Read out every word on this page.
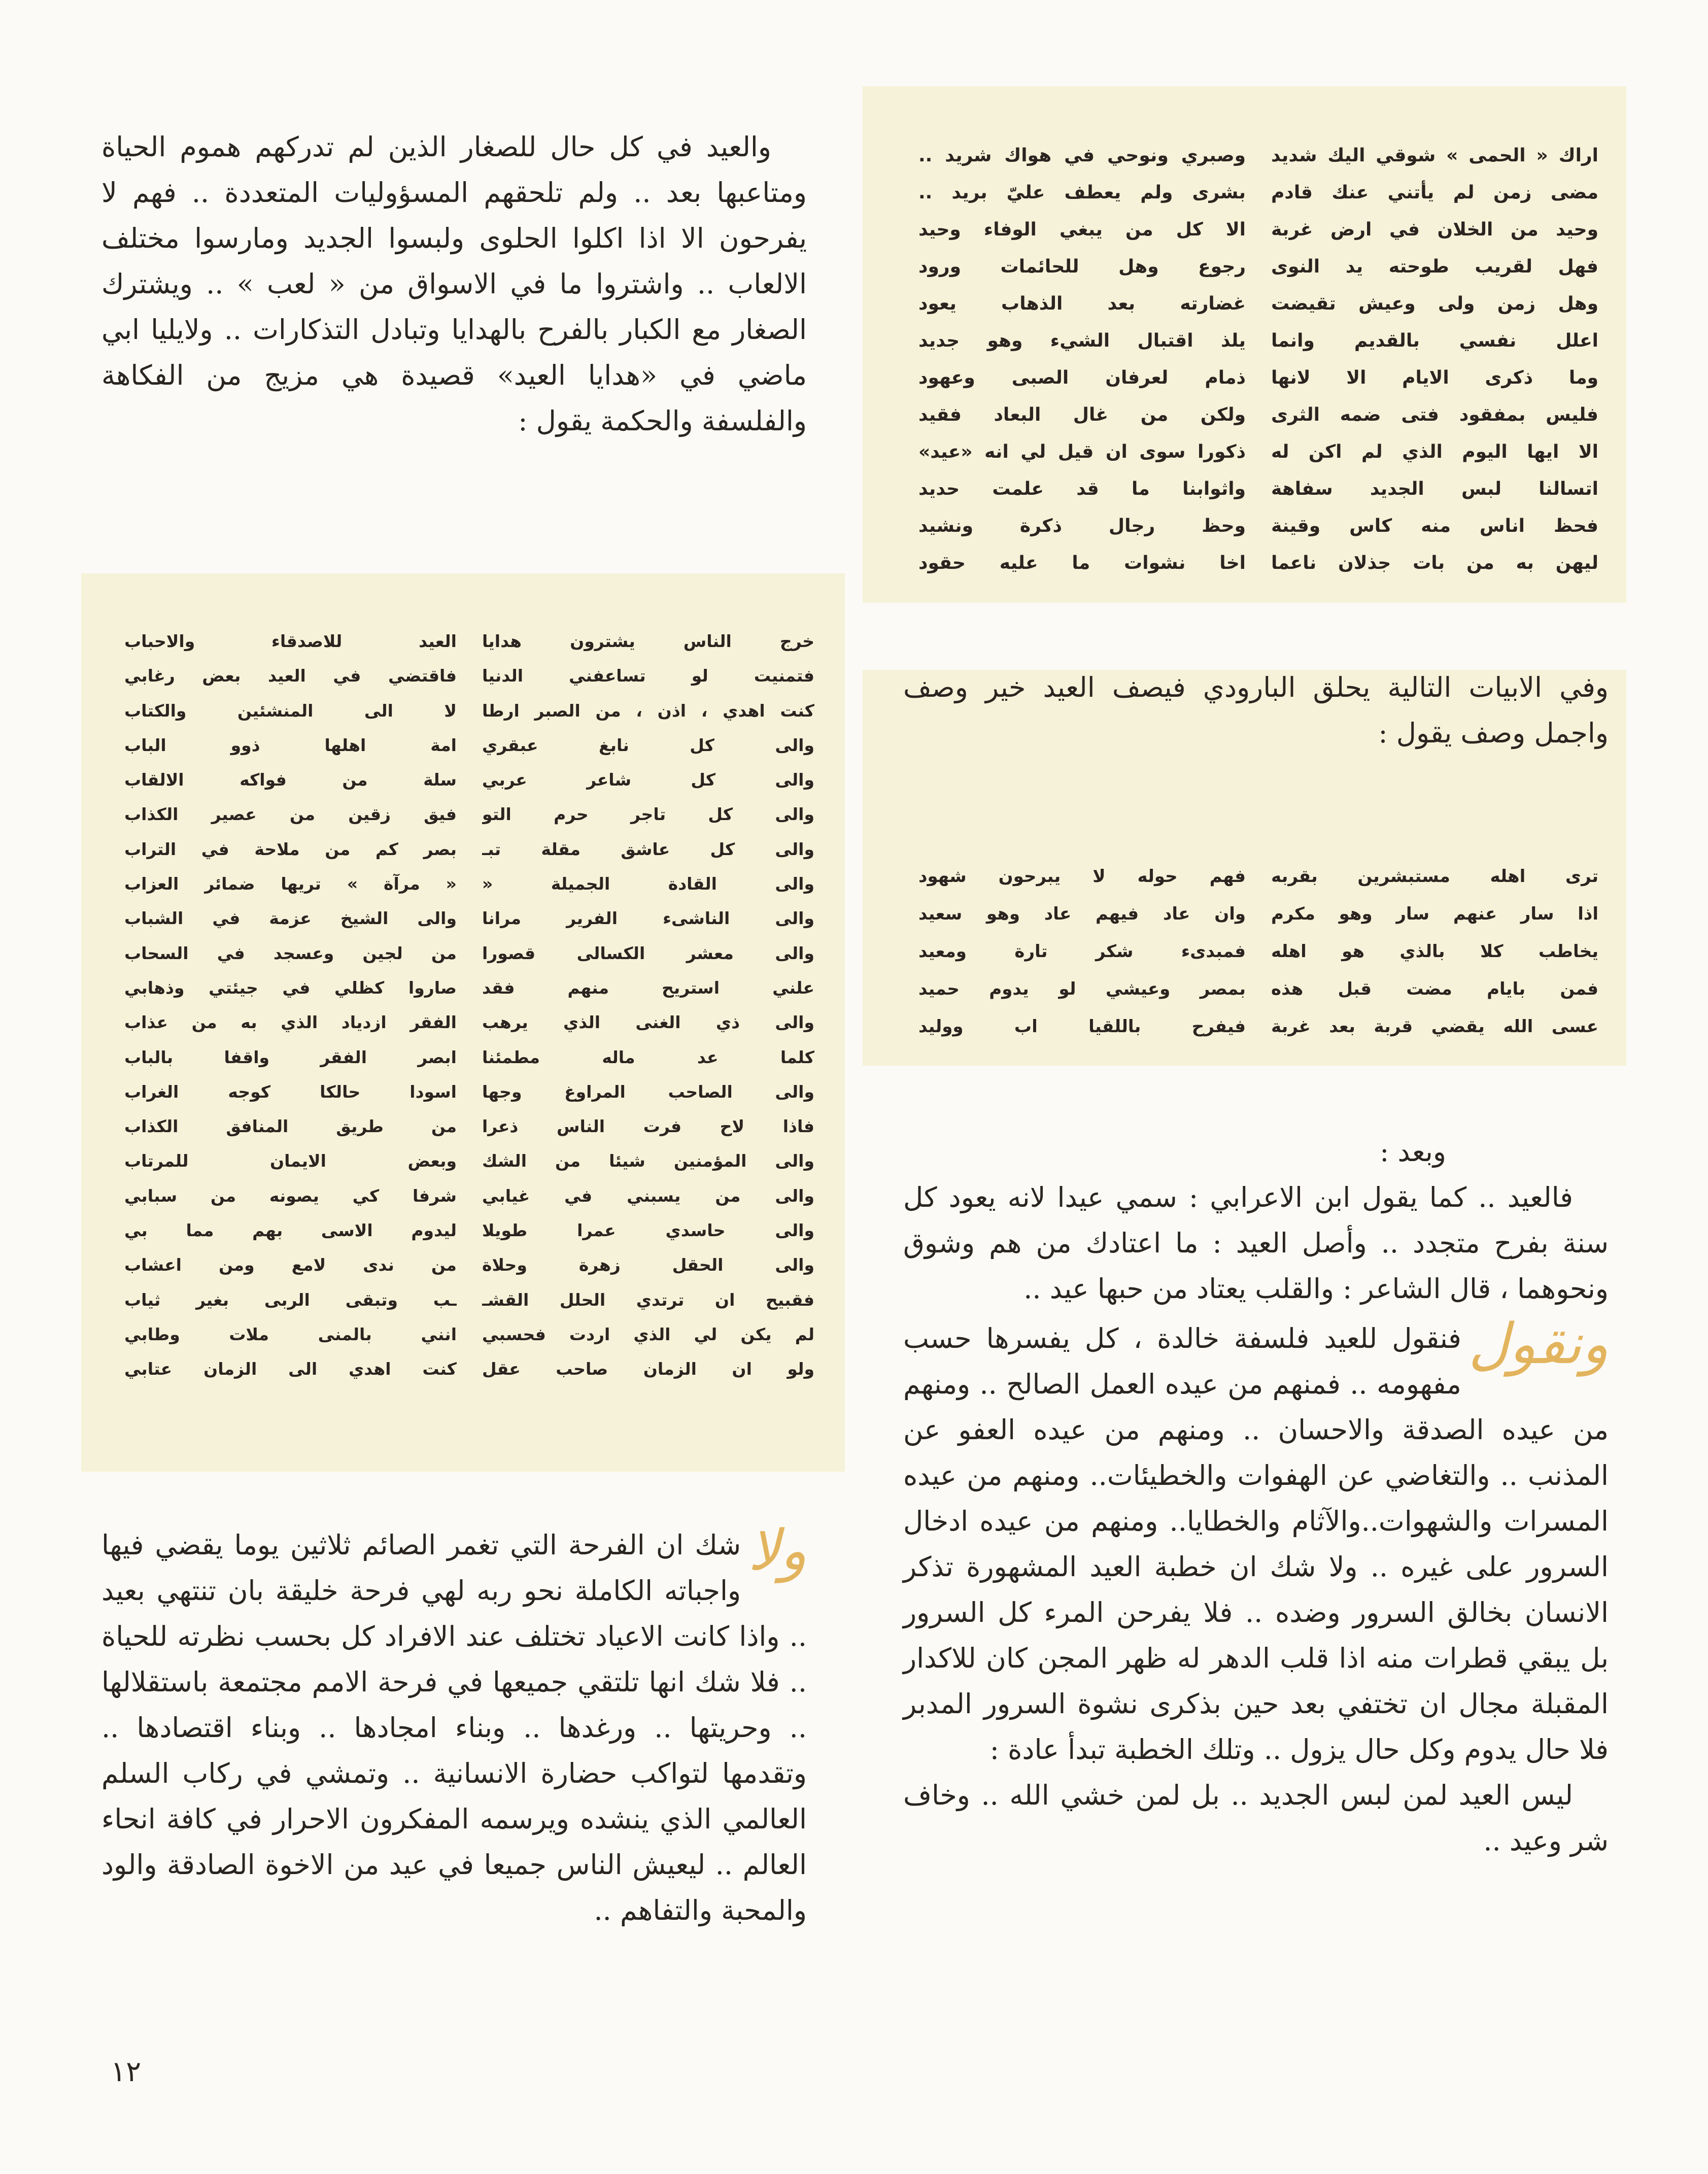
اراك « الحمى » شوقي اليك شديد
مضى زمن لم يأتني عنك قادم
وحيد من الخلان في ارض غربة
فهل لقريب طوحته يد النوى
وهل زمن ولى وعيش تقيضت
اعلل نفسي بالقديم وانما
وما ذكرى الايام الا لانها
فليس بمفقود فتى ضمه الثرى
الا ايها اليوم الذي لم اكن له
اتسالنا لبس الجديد سفاهة
فحظ اناس منه كاس وقينة
ليهن به من بات جذلان ناعما
وصبري ونوحي في هواك شريد ..
بشرى ولم يعطف عليّ بريد ..
الا كل من يبغي الوفاء وحيد
رجوع وهل للحائمات ورود
غضارته بعد الذهاب يعود
يلذ اقتبال الشيء وهو جديد
ذمام لعرفان الصبى وعهود
ولكن من غال البعاد فقيد
ذكورا سوى ان قيل لي انه «عيد»
واثوابنا ما قد علمت حديد
وحظ رجال ذكرة ونشيد
اخا نشوات ما عليه حقود

وفي الابيات التالية يحلق البارودي فيصف العيد خير وصف واجمل وصف يقول :

ترى اهله مستبشرين بقربه
اذا سار عنهم سار وهو مكرم
يخاطب كلا بالذي هو اهله
فمن بايام مضت قبل هذه
عسى الله يقضي قربة بعد غربة
فهم حوله لا يبرحون شهود
وان عاد فيهم عاد وهو سعيد
فمبدىء شكر تارة ومعيد
بمصر وعيشي لو يدوم حميد
فيفرح باللقيا اب ووليد

وبعد :

فالعيد .. كما يقول ابن الاعرابي : سمي عيدا لانه يعود كل سنة بفرح متجدد .. وأصل العيد : ما اعتادك من هم وشوق ونحوهما ، قال الشاعر : والقلب يعتاد من حبها عيد ..

ونقول
فنقول للعيد فلسفة خالدة ، كل يفسرها حسب مفهومه .. فمنهم من عيده العمل الصالح .. ومنهم من عيده الصدقة والاحسان .. ومنهم من عيده العفو عن المذنب .. والتغاضي عن الهفوات والخطيئات.. ومنهم من عيده المسرات والشهوات..والآثام والخطايا.. ومنهم من عيده ادخال السرور على غيره .. ولا شك ان خطبة العيد المشهورة تذكر الانسان بخالق السرور وضده .. فلا يفرحن المرء كل السرور بل يبقي قطرات منه اذا قلب الدهر له ظهر المجن كان للاكدار المقبلة مجال ان تختفي بعد حين بذكرى نشوة السرور المدبر فلا حال يدوم وكل حال يزول .. وتلك الخطبة تبدأ عادة :

ليس العيد لمن لبس الجديد .. بل لمن خشي الله .. وخاف شر وعيد ..

والعيد في كل حال للصغار الذين لم تدركهم هموم الحياة ومتاعبها بعد .. ولم تلحقهم المسؤوليات المتعددة .. فهم لا يفرحون الا اذا اكلوا الحلوى ولبسوا الجديد ومارسوا مختلف الالعاب .. واشتروا ما في الاسواق من « لعب » .. ويشترك الصغار مع الكبار بالفرح بالهدايا وتبادل التذكارات .. ولايليا ابي ماضي في «هدايا العيد» قصيدة هي مزيج من الفكاهة والفلسفة والحكمة يقول :

خرج الناس يشترون هدايا
فتمنيت لو تساعفني الدنيا
كنت اهدي ، اذن ، من الصبر ارطا
والى كل نابغ عبقري
والى كل شاعر عربي
والى كل تاجر حرم التو
والى كل عاشق مقلة تبـ
والى القادة الجميلة «
والى الناشىء الفرير مرانا
والى معشر الكسالى قصورا
علني استريح منهم فقد
والى ذي الغنى الذي يرهب
كلما عد ماله مطمئنا
والى الصاحب المراوغ وجها
فاذا لاح فرت الناس ذعرا
والى المؤمنين شيئا من الشك
والى من يسبني في غيابي
والى حاسدي عمرا طويلا
والى الحقل زهرة وحلاة
فقبيح ان ترتدي الحلل القشـ
لم يكن لي الذي اردت فحسبي
ولو ان الزمان صاحب عقل
العيد للاصدقاء والاحباب
فاقتضي في العيد بعض رغابي
لا الى المنشئين والكتاب
امة اهلها ذوو الباب
سلة من فواكه الالقاب
فيق زقين من عصير الكذاب
بصر كم من ملاحة في التراب
« مرآة » تريها ضمائر العزاب
والى الشيخ عزمة في الشباب
من لجين وعسجد في السحاب
صاروا كظلي في جيئتي وذهابي
الفقر ازدياد الذي به من عذاب
ابصر الفقر واقفا بالباب
اسودا حالكا كوجه الغراب
من طريق المنافق الكذاب
وبعض الايمان للمرتاب
شرفا كي يصونه من سبابي
ليدوم الاسى بهم مما بي
من ندى لامع ومن اعشاب
ـب وتبقى الربى بغير ثياب
انني بالمنى ملات وطابي
كنت اهدي الى الزمان عتابي

ولا
شك ان الفرحة التي تغمر الصائم ثلاثين يوما يقضي فيها واجباته الكاملة نحو ربه لهي فرحة خليقة بان تنتهي بعيد .. واذا كانت الاعياد تختلف عند الافراد كل بحسب نظرته للحياة .. فلا شك انها تلتقي جميعها في فرحة الامم مجتمعة باستقلالها .. وحريتها .. ورغدها .. وبناء امجادها .. وبناء اقتصادها .. وتقدمها لتواكب حضارة الانسانية .. وتمشي في ركاب السلم العالمي الذي ينشده ويرسمه المفكرون الاحرار في كافة انحاء العالم .. ليعيش الناس جميعا في عيد من الاخوة الصادقة والود والمحبة والتفاهم ..

١٢
